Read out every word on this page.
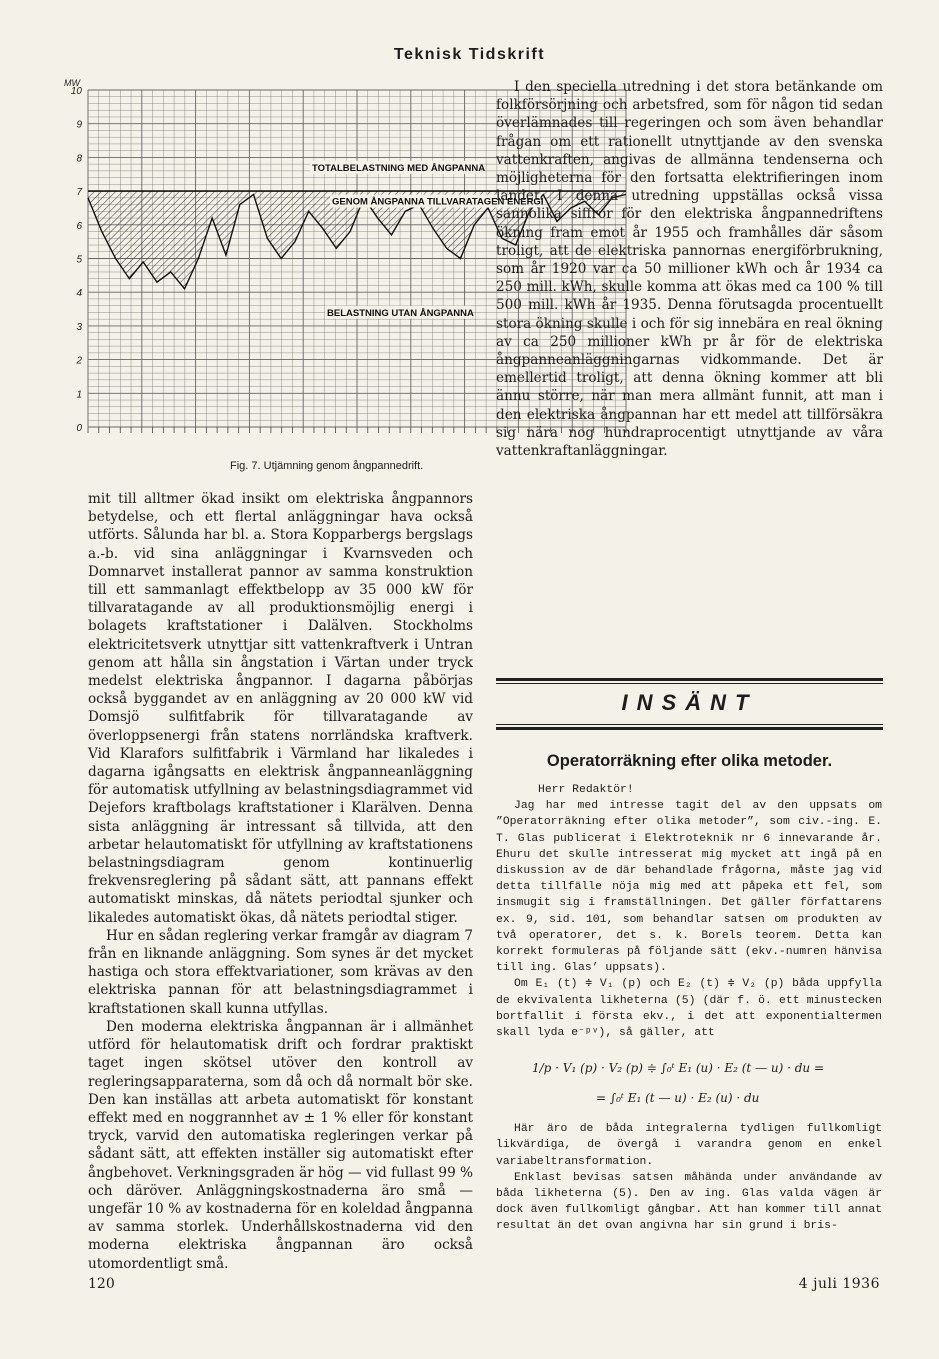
Teknisk Tidskrift
0
1
2
3
4
5
6
7
8
9
10
MW
TOTALBELASTNING MED ÅNGPANNA
GENOM ÅNGPANNA TILLVARATAGEN ENERGI
BELASTNING UTAN ÅNGPANNA
Fig. 7. Utjämning genom ångpannedrift.

mit till alltmer ökad insikt om elektriska ångpannors betydelse, och ett flertal anläggningar hava också utförts. Sålunda har bl. a. Stora Kopparbergs bergslags a.-b. vid sina anläggningar i Kvarnsveden och Domnarvet installerat pannor av samma konstruktion till ett sammanlagt effektbelopp av 35 000 kW för tillvaratagande av all produktionsmöjlig energi i bolagets kraftstationer i Dalälven. Stockholms elektricitetsverk utnyttjar sitt vattenkraftverk i Untran genom att hålla sin ångstation i Värtan under tryck medelst elektriska ångpannor. I dagarna påbörjas också byggandet av en anläggning av 20 000 kW vid Domsjö sulfitfabrik för tillvaratagande av överloppsenergi från statens norrländska kraftverk. Vid Klarafors sulfitfabrik i Värmland har likaledes i dagarna igångsatts en elektrisk ångpanneanläggning för automatisk utfyllning av belastningsdiagrammet vid Dejefors kraftbolags kraftstationer i Klarälven. Denna sista anläggning är intressant så tillvida, att den arbetar helautomatiskt för utfyllning av kraftstationens belastningsdiagram genom kontinuerlig frekvensreglering på sådant sätt, att pannans effekt automatiskt minskas, då nätets periodtal sjunker och likaledes automatiskt ökas, då nätets periodtal stiger.

Hur en sådan reglering verkar framgår av diagram 7 från en liknande anläggning. Som synes är det mycket hastiga och stora effektvariationer, som krävas av den elektriska pannan för att belastningsdiagrammet i kraftstationen skall kunna utfyllas.

Den moderna elektriska ångpannan är i allmänhet utförd för helautomatisk drift och fordrar praktiskt taget ingen skötsel utöver den kontroll av regleringsapparaterna, som då och då normalt bör ske. Den kan inställas att arbeta automatiskt för konstant effekt med en noggrannhet av ± 1 % eller för konstant tryck, varvid den automatiska regleringen verkar på sådant sätt, att effekten inställer sig automatiskt efter ångbehovet. Verkningsgraden är hög — vid fullast 99 % och däröver. Anläggningskostnaderna äro små — ungefär 10 % av kostnaderna för en koleldad ångpanna av samma storlek. Underhållskostnaderna vid den moderna elektriska ångpannan äro också utomordentligt små.

I den speciella utredning i det stora betänkande om folkförsörjning och arbetsfred, som för någon tid sedan överlämnades till regeringen och som även behandlar frågan om ett rationellt utnyttjande av den svenska vattenkraften, angivas de allmänna tendenserna och möjligheterna för den fortsatta elektrifieringen inom landet. I denna utredning uppställas också vissa sannolika siffror för den elektriska ångpannedriftens ökning fram emot år 1955 och framhålles där såsom troligt, att de elektriska pannornas energiförbrukning, som år 1920 var ca 50 millioner kWh och år 1934 ca 250 mill. kWh, skulle komma att ökas med ca 100 % till 500 mill. kWh år 1935. Denna förutsagda procentuellt stora ökning skulle i och för sig innebära en real ökning av ca 250 millioner kWh pr år för de elektriska ångpanneanläggningarnas vidkommande. Det är emellertid troligt, att denna ökning kommer att bli ännu större, när man mera allmänt funnit, att man i den elektriska ångpannan har ett medel att tillförsäkra sig nära nog hundraprocentigt utnyttjande av våra vattenkraftanläggningar.

INSÄNT
Operatorräkning efter olika metoder.

Herr Redaktör!

Jag har med intresse tagit del av den uppsats om ”Operatorräkning efter olika metoder”, som civ.-ing. E. T. Glas publicerat i Elektroteknik nr 6 innevarande år. Ehuru det skulle intresserat mig mycket att ingå på en diskussion av de där behandlade frågorna, måste jag vid detta tillfälle nöja mig med att påpeka ett fel, som insmugit sig i framställningen. Det gäller författarens ex. 9, sid. 101, som behandlar satsen om produkten av två operatorer, det s. k. Borels teorem. Detta kan korrekt formuleras på följande sätt (ekv.-numren hänvisa till ing. Glas’ uppsats).

Om E₁ (t) ≑ V₁ (p) och E₂ (t) ≑ V₂ (p) båda uppfylla de ekvivalenta likheterna (5) (där f. ö. ett minustecken bortfallit i första ekv., i det att exponentialtermen skall lyda e⁻ᵖᵛ), så gäller, att

1/p · V₁ (p) · V₂ (p) ≑ ∫₀ᵗ E₁ (u) · E₂ (t — u) · du =

= ∫₀ᵗ E₁ (t — u) · E₂ (u) · du

Här äro de båda integralerna tydligen fullkomligt likvärdiga, de övergå i varandra genom en enkel variabeltransformation.

Enklast bevisas satsen måhända under användande av båda likheterna (5). Den av ing. Glas valda vägen är dock även fullkomligt gångbar. Att han kommer till annat resultat än det ovan angivna har sin grund i bris-

120	4 juli 1936
